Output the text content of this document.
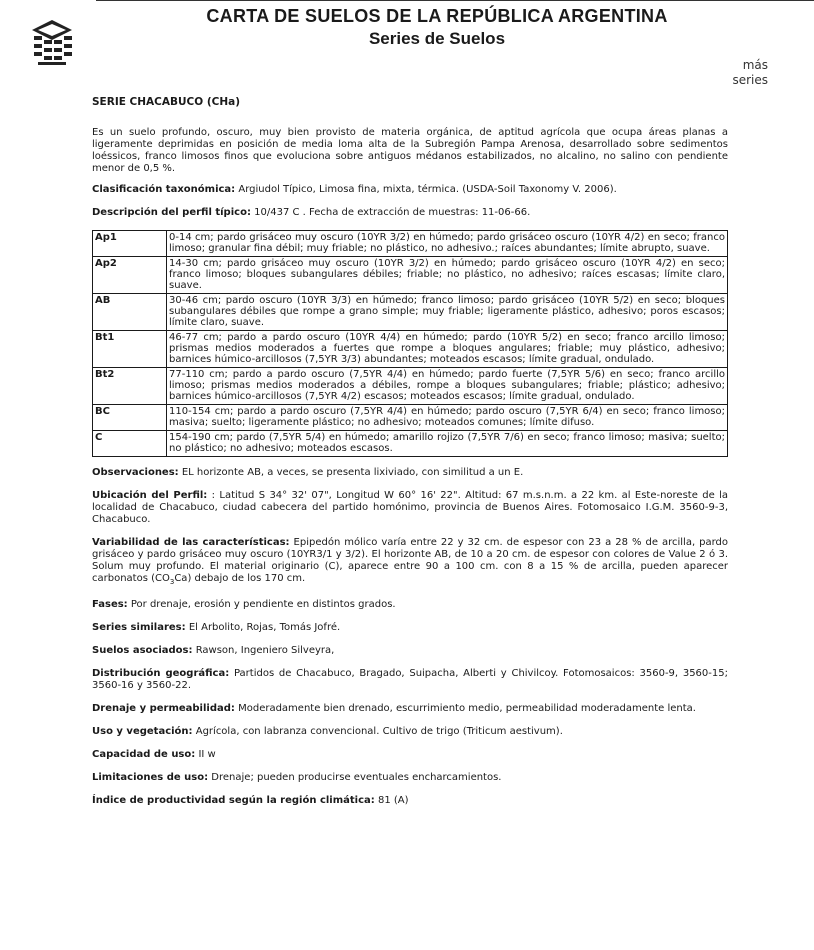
CARTA DE SUELOS DE LA REPÚBLICA ARGENTINA
Series de Suelos
más
series
SERIE CHACABUCO (CHa)

Es un suelo profundo, oscuro, muy bien provisto de materia orgánica, de aptitud agrícola que ocupa áreas planas a ligeramente deprimidas en posición de media loma alta de la Subregión Pampa Arenosa, desarrollado sobre sedimentos loéssicos, franco limosos finos que evoluciona sobre antiguos médanos estabilizados, no alcalino, no salino con pendiente menor de 0,5 %.

Clasificación taxonómica: Argiudol Típico, Limosa fina, mixta, térmica. (USDA-Soil Taxonomy V. 2006).

Descripción del perfil típico: 10/437 C . Fecha de extracción de muestras: 11-06-66.

Ap1	0-14 cm; pardo grisáceo muy oscuro (10YR 3/2) en húmedo; pardo grisáceo oscuro (10YR 4/2) en seco; franco limoso; granular fina débil; muy friable; no plástico, no adhesivo.; raíces abundantes; límite abrupto, suave.
Ap2	14-30 cm; pardo grisáceo muy oscuro (10YR 3/2) en húmedo; pardo grisáceo oscuro (10YR 4/2) en seco; franco limoso; bloques subangulares débiles; friable; no plástico, no adhesivo; raíces escasas; límite claro, suave.
AB	30-46 cm; pardo oscuro (10YR 3/3) en húmedo; franco limoso; pardo grisáceo (10YR 5/2) en seco; bloques subangulares débiles que rompe a grano simple; muy friable; ligeramente plástico, adhesivo; poros escasos; límite claro, suave.
Bt1	46-77 cm; pardo a pardo oscuro (10YR 4/4) en húmedo; pardo (10YR 5/2) en seco; franco arcillo limoso; prismas medios moderados a fuertes que rompe a bloques angulares; friable; muy plástico, adhesivo; barnices húmico-arcillosos (7,5YR 3/3) abundantes; moteados escasos; límite gradual, ondulado.
Bt2	77-110 cm; pardo a pardo oscuro (7,5YR 4/4) en húmedo; pardo fuerte (7,5YR 5/6) en seco; franco arcillo limoso; prismas medios moderados a débiles, rompe a bloques subangulares; friable; plástico; adhesivo; barnices húmico-arcillosos (7,5YR 4/2) escasos; moteados escasos; límite gradual, ondulado.
BC	110-154 cm; pardo a pardo oscuro (7,5YR 4/4) en húmedo; pardo oscuro (7,5YR 6/4) en seco; franco limoso; masiva; suelto; ligeramente plástico; no adhesivo; moteados comunes; límite difuso.
C	154-190 cm; pardo (7,5YR 5/4) en húmedo; amarillo rojizo (7,5YR 7/6) en seco; franco limoso; masiva; suelto; no plástico; no adhesivo; moteados escasos.

Observaciones: EL horizonte AB, a veces, se presenta lixiviado, con similitud a un E.

Ubicación del Perfil: : Latitud S 34° 32' 07", Longitud W 60° 16' 22". Altitud: 67 m.s.n.m. a 22 km. al Este-noreste de la localidad de Chacabuco, ciudad cabecera del partido homónimo, provincia de Buenos Aires. Fotomosaico I.G.M. 3560-9-3, Chacabuco.

Variabilidad de las características: Epipedón mólico varía entre 22 y 32 cm. de espesor con 23 a 28 % de arcilla, pardo grisáceo y pardo grisáceo muy oscuro (10YR3/1 y 3/2). El horizonte AB, de 10 a 20 cm. de espesor con colores de Value 2 ó 3. Solum muy profundo. El material originario (C), aparece entre 90 a 100 cm. con 8 a 15 % de arcilla, pueden aparecer carbonatos $(CO_3Ca)$ debajo de los 170 cm.

Fases: Por drenaje, erosión y pendiente en distintos grados.

Series similares: El Arbolito, Rojas, Tomás Jofré.

Suelos asociados: Rawson, Ingeniero Silveyra,

Distribución geográfica: Partidos de Chacabuco, Bragado, Suipacha, Alberti y Chivilcoy. Fotomosaicos: 3560-9, 3560-15; 3560-16 y 3560-22.

Drenaje y permeabilidad: Moderadamente bien drenado, escurrimiento medio, permeabilidad moderadamente lenta.

Uso y vegetación: Agrícola, con labranza convencional. Cultivo de trigo (Triticum aestivum).

Capacidad de uso: II w

Limitaciones de uso: Drenaje; pueden producirse eventuales encharcamientos.

Índice de productividad según la región climática: 81 (A)
